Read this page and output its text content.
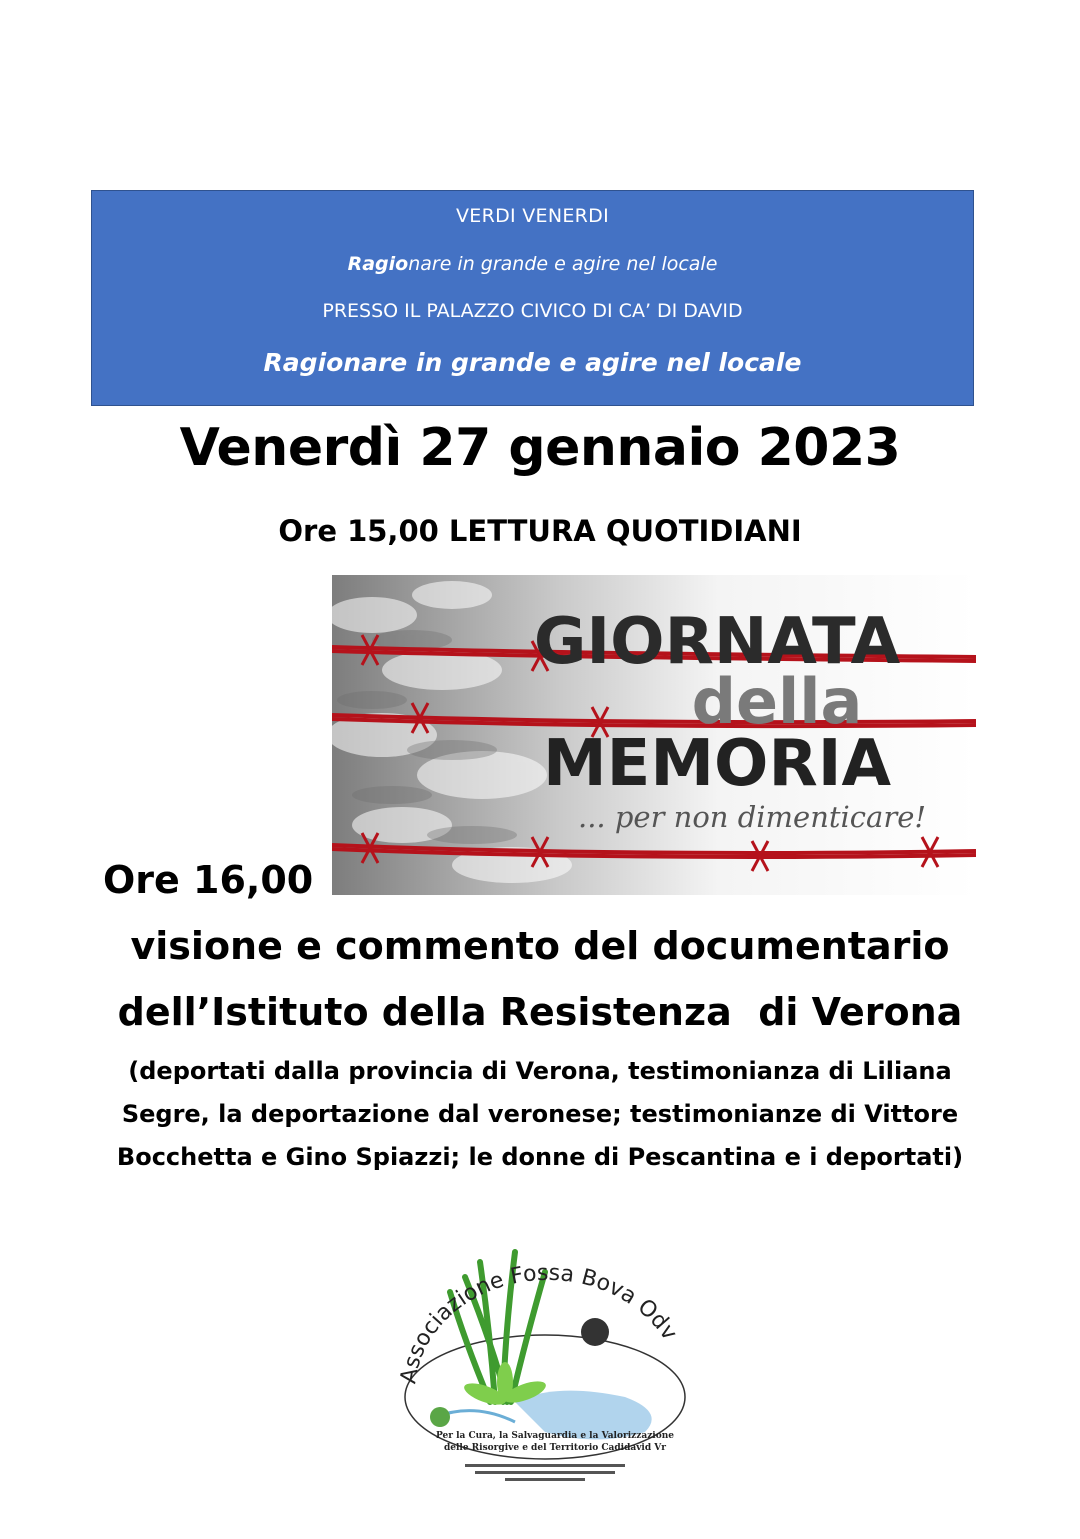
VERDI VENERDI
Ragionare in grande e agire nel locale
PRESSO IL PALAZZO CIVICO DI CA’ DI DAVID
Ragionare in grande e agire nel locale
Venerdì 27 gennaio 2023
Ore 15,00 LETTURA QUOTIDIANI
GIORNATA
della
MEMORIA
... per non dimenticare!
Ore 16,00
visione e commento del documentario
dell’Istituto della Resistenza  di Verona
(deportati dalla provincia di Verona, testimonianza di Liliana Segre, la deportazione dal veronese; testimonianze di Vittore Bocchetta e Gino Spiazzi; le donne di Pescantina e i deportati)
Associazione Fossa Bova Odv
Per la Cura, la Salvaguardia e la Valorizzazione
delle Risorgive e del Territorio Cadidavid Vr
